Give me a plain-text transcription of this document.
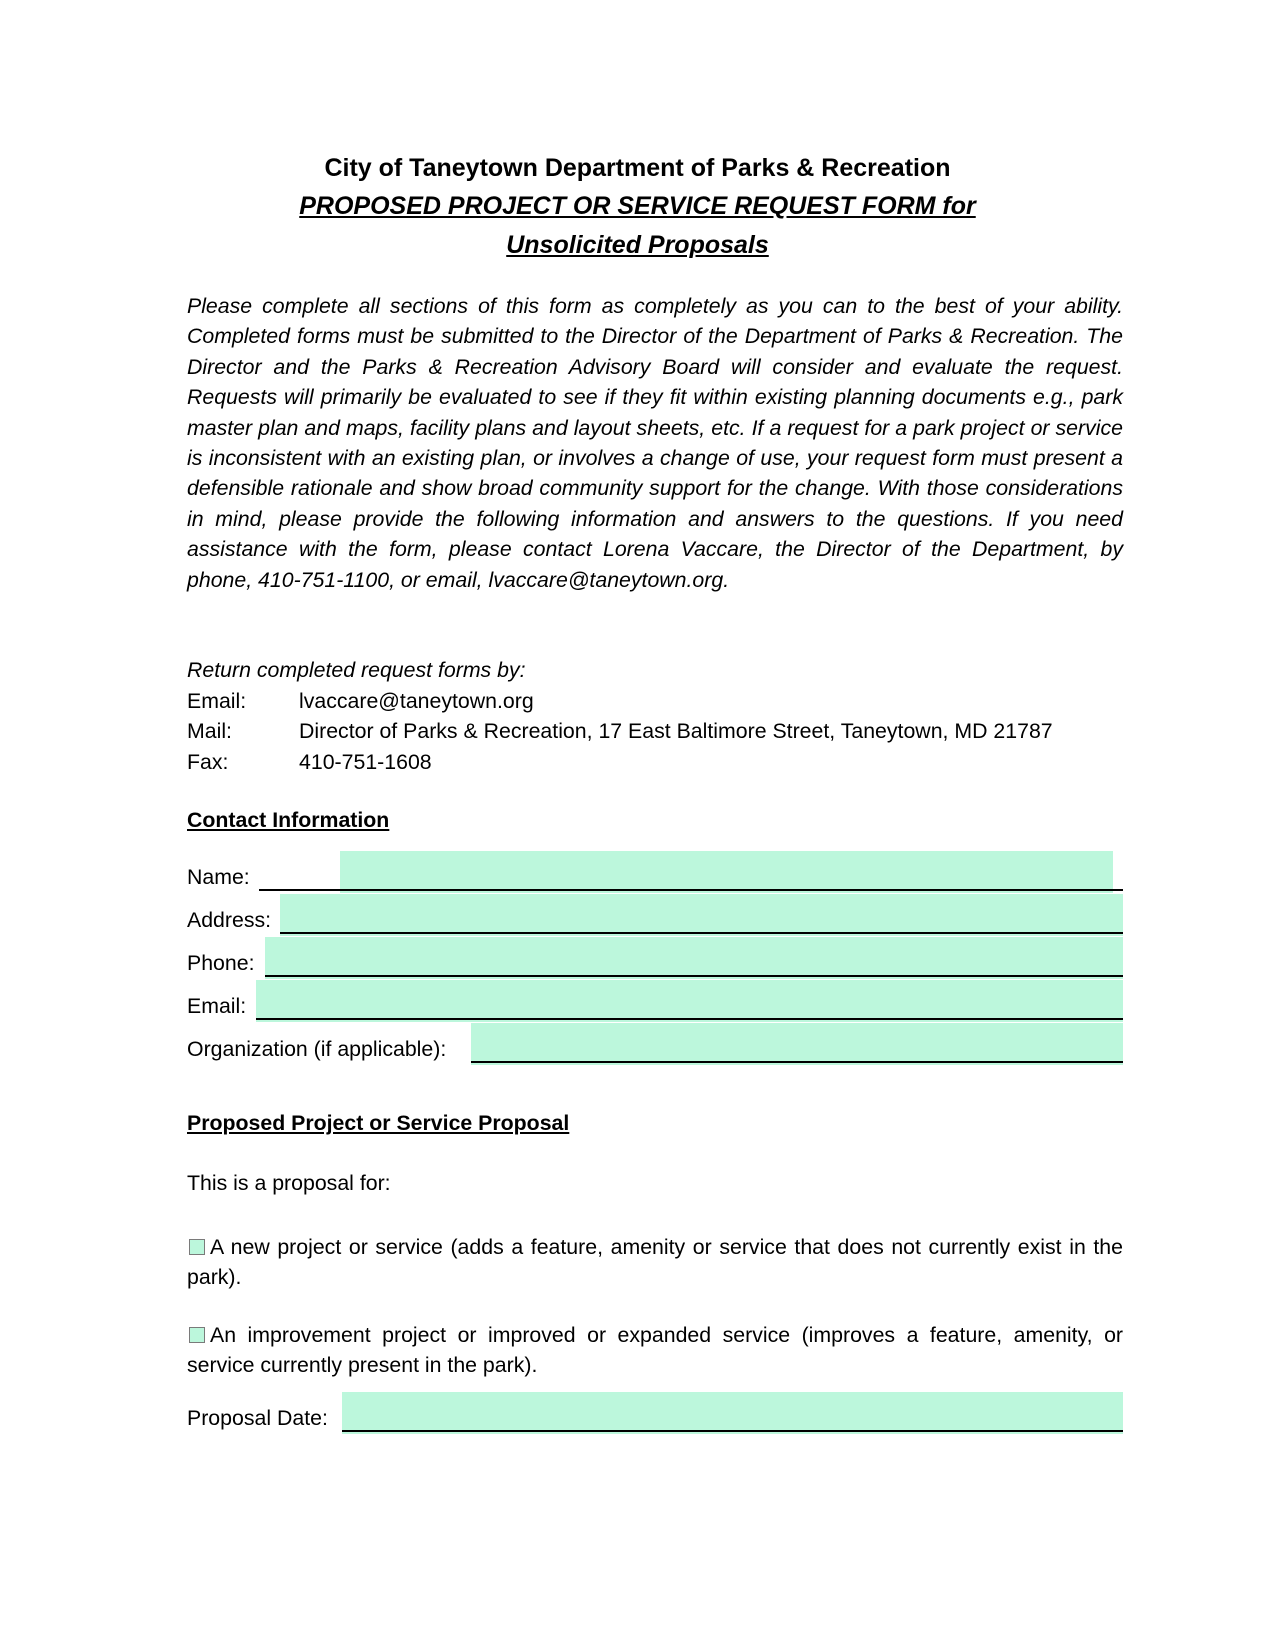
City of Taneytown Department of Parks & Recreation
PROPOSED PROJECT OR SERVICE REQUEST FORM for
Unsolicited Proposals

Please complete all sections of this form as completely as you can to the best of your ability. Completed forms must be submitted to the Director of the Department of Parks & Recreation. The Director and the Parks & Recreation Advisory Board will consider and evaluate the request. Requests will primarily be evaluated to see if they fit within existing planning documents e.g., park master plan and maps, facility plans and layout sheets, etc. If a request for a park project or service is inconsistent with an existing plan, or involves a change of use, your request form must present a defensible rationale and show broad community support for the change. With those considerations in mind, please provide the following information and answers to the questions. If you need assistance with the form, please contact Lorena Vaccare, the Director of the Department, by phone, 410-751-1100, or email, lvaccare@taneytown.org.

Return completed request forms by:
Email: lvaccare@taneytown.org
Mail:	Director of Parks & Recreation, 17 East Baltimore Street, Taneytown, MD 21787
Fax:	410-751-1608
Contact Information
Name:
Address:
Phone:
Email:
Organization (if applicable):
Proposed Project or Service Proposal
This is a proposal for:

A new project or service (adds a feature, amenity or service that does not currently exist in the park).

An improvement project or improved or expanded service (improves a feature, amenity, or service currently present in the park).

Proposal Date:
